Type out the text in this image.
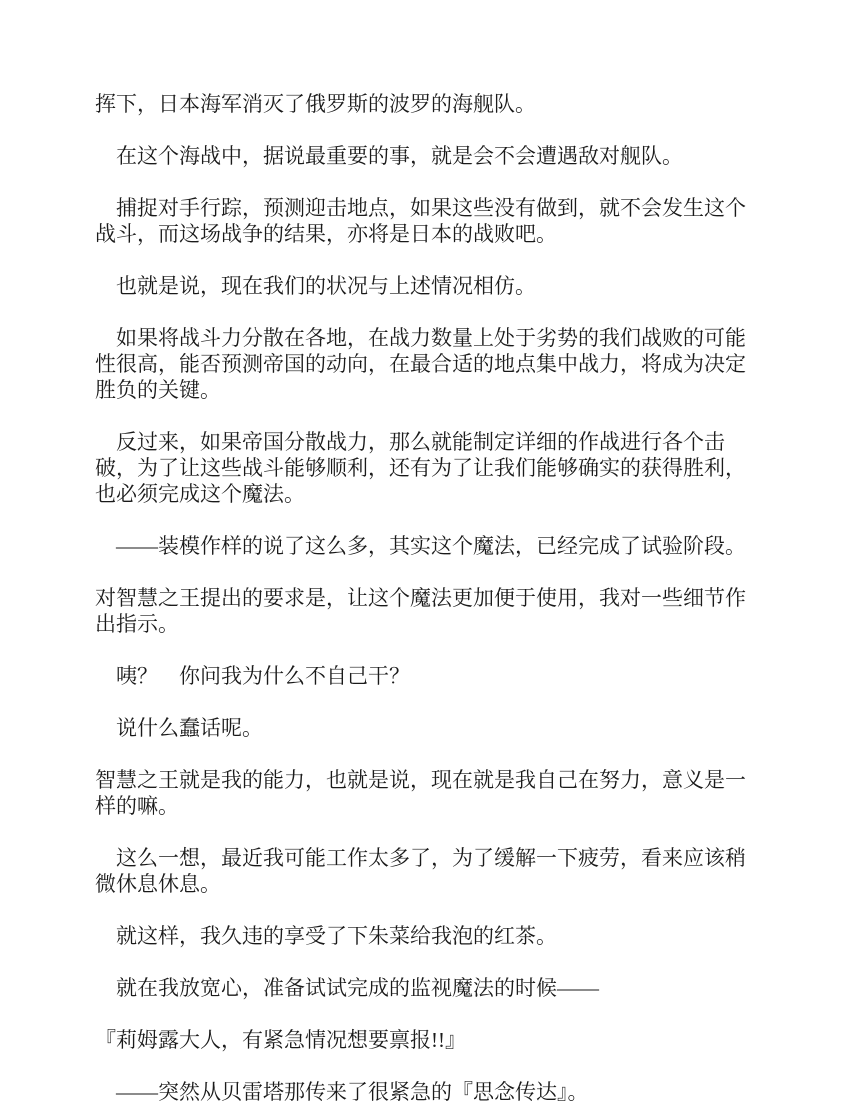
挥下，日本海军消灭了俄罗斯的波罗的海舰队。

在这个海战中，据说最重要的事，就是会不会遭遇敌对舰队。

捕捉对手行踪，预测迎击地点，如果这些没有做到，就不会发生这个战斗，而这场战争的结果，亦将是日本的战败吧。

也就是说，现在我们的状况与上述情况相仿。

如果将战斗力分散在各地，在战力数量上处于劣势的我们战败的可能性很高，能否预测帝国的动向，在最合适的地点集中战力，将成为决定胜负的关键。

反过来，如果帝国分散战力，那么就能制定详细的作战进行各个击破，为了让这些战斗能够顺利，还有为了让我们能够确实的获得胜利，也必须完成这个魔法。

——装模作样的说了这么多，其实这个魔法，已经完成了试验阶段。

对智慧之王提出的要求是，让这个魔法更加便于使用，我对一些细节作出指示。

咦？　你问我为什么不自己干？

说什么蠢话呢。

智慧之王就是我的能力，也就是说，现在就是我自己在努力，意义是一样的嘛。

这么一想，最近我可能工作太多了，为了缓解一下疲劳，看来应该稍微休息休息。

就这样，我久违的享受了下朱菜给我泡的红茶。

就在我放宽心，准备试试完成的监视魔法的时候——

『莉姆露大人，有紧急情况想要禀报!!』

——突然从贝雷塔那传来了很紧急的『思念传达』。
